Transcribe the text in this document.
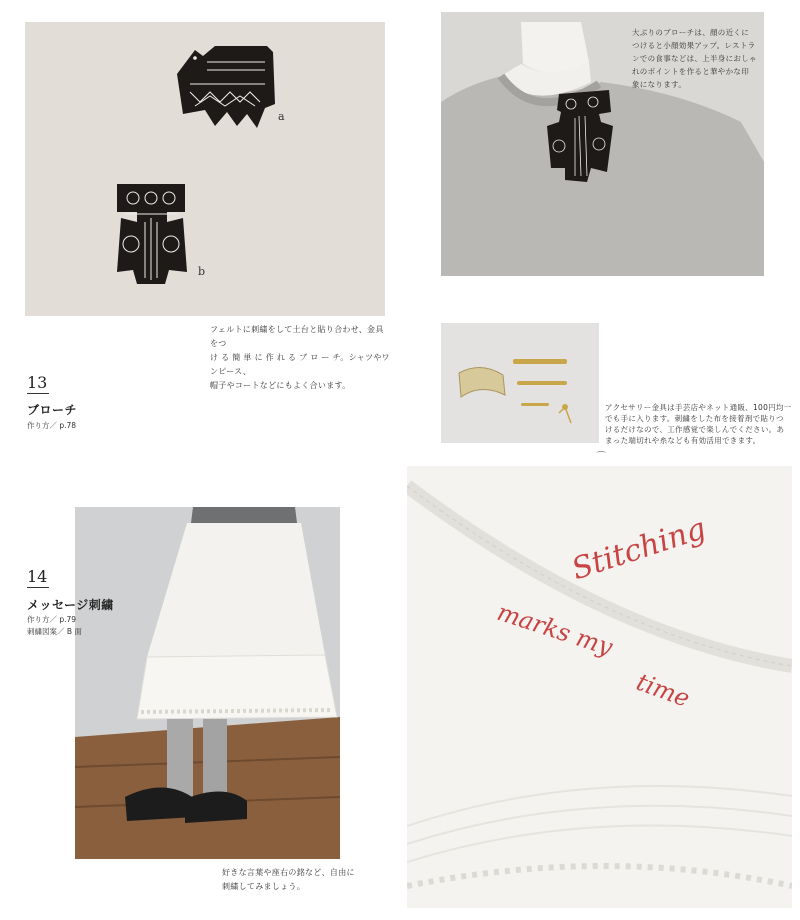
a
b
フェルトに刺繍をして土台と貼り合わせ、金具をつ
け る 簡 単 に 作 れ る ブ ロ ー チ。シャツやワンピース、
帽子やコートなどにもよく合います。
13
ブローチ
作り方／ p.78
大ぶりのブローチは、顔の近くに
つけると小顔効果アップ。レストラ
ンでの食事などは、上半身におしゃ
れのポイントを作ると華やかな印
象になります。
アクセサリー金具は手芸店やネット通販、100円均一
でも手に入ります。刺繍をした布を接着剤で貼りつ
けるだけなので、工作感覚で楽しんでください。あ
まった端切れや糸なども有効活用できます。
⌒
14
メッセージ刺繍
作り方／ p.79
刺繍図案／ B 面
好きな言葉や座右の銘など、自由に
刺繍してみましょう。
Stitching
marks my
time
